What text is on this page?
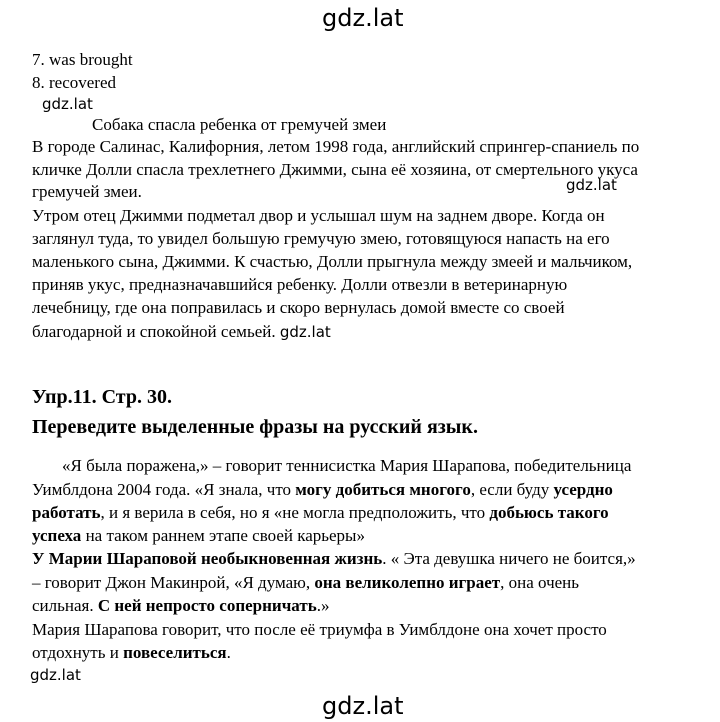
gdz.lat
gdz.lat
gdz.lat
gdz.lat
gdz.lat
7. was brought
8. recovered
Собака спасла ребенка от гремучей змеи
В городе Салинас, Калифорния, летом 1998 года, английский спрингер-спаниель по
кличке Долли спасла трехлетнего Джимми, сына её хозяина, от смертельного укуса
гремучей змеи.
Утром отец Джимми подметал двор и услышал шум на заднем дворе. Когда он
заглянул туда, то увидел большую гремучую змею, готовящуюся напасть на его
маленького сына, Джимми. К счастью, Долли прыгнула между змеей и мальчиком,
приняв укус, предназначавшийся ребенку. Долли отвезли в ветеринарную
лечебницу, где она поправилась и скоро вернулась домой вместе со своей
благодарной и спокойной семьей. gdz.lat
Упр.11. Стр. 30.
Переведите выделенные фразы на русский язык.
«Я была поражена,» – говорит теннисистка Мария Шарапова, победительница
Уимблдона 2004 года. «Я знала, что могу добиться многого, если буду усердно
работать, и я верила в себя, но я «не могла предположить, что добьюсь такого
успеха на таком раннем этапе своей карьеры»
У Марии Шараповой необыкновенная жизнь. « Эта девушка ничего не боится,»
– говорит Джон Макинрой, «Я думаю, она великолепно играет, она очень
сильная. С ней непросто соперничать.»
Мария Шарапова говорит, что после её триумфа в Уимблдоне она хочет просто
отдохнуть и повеселиться.
